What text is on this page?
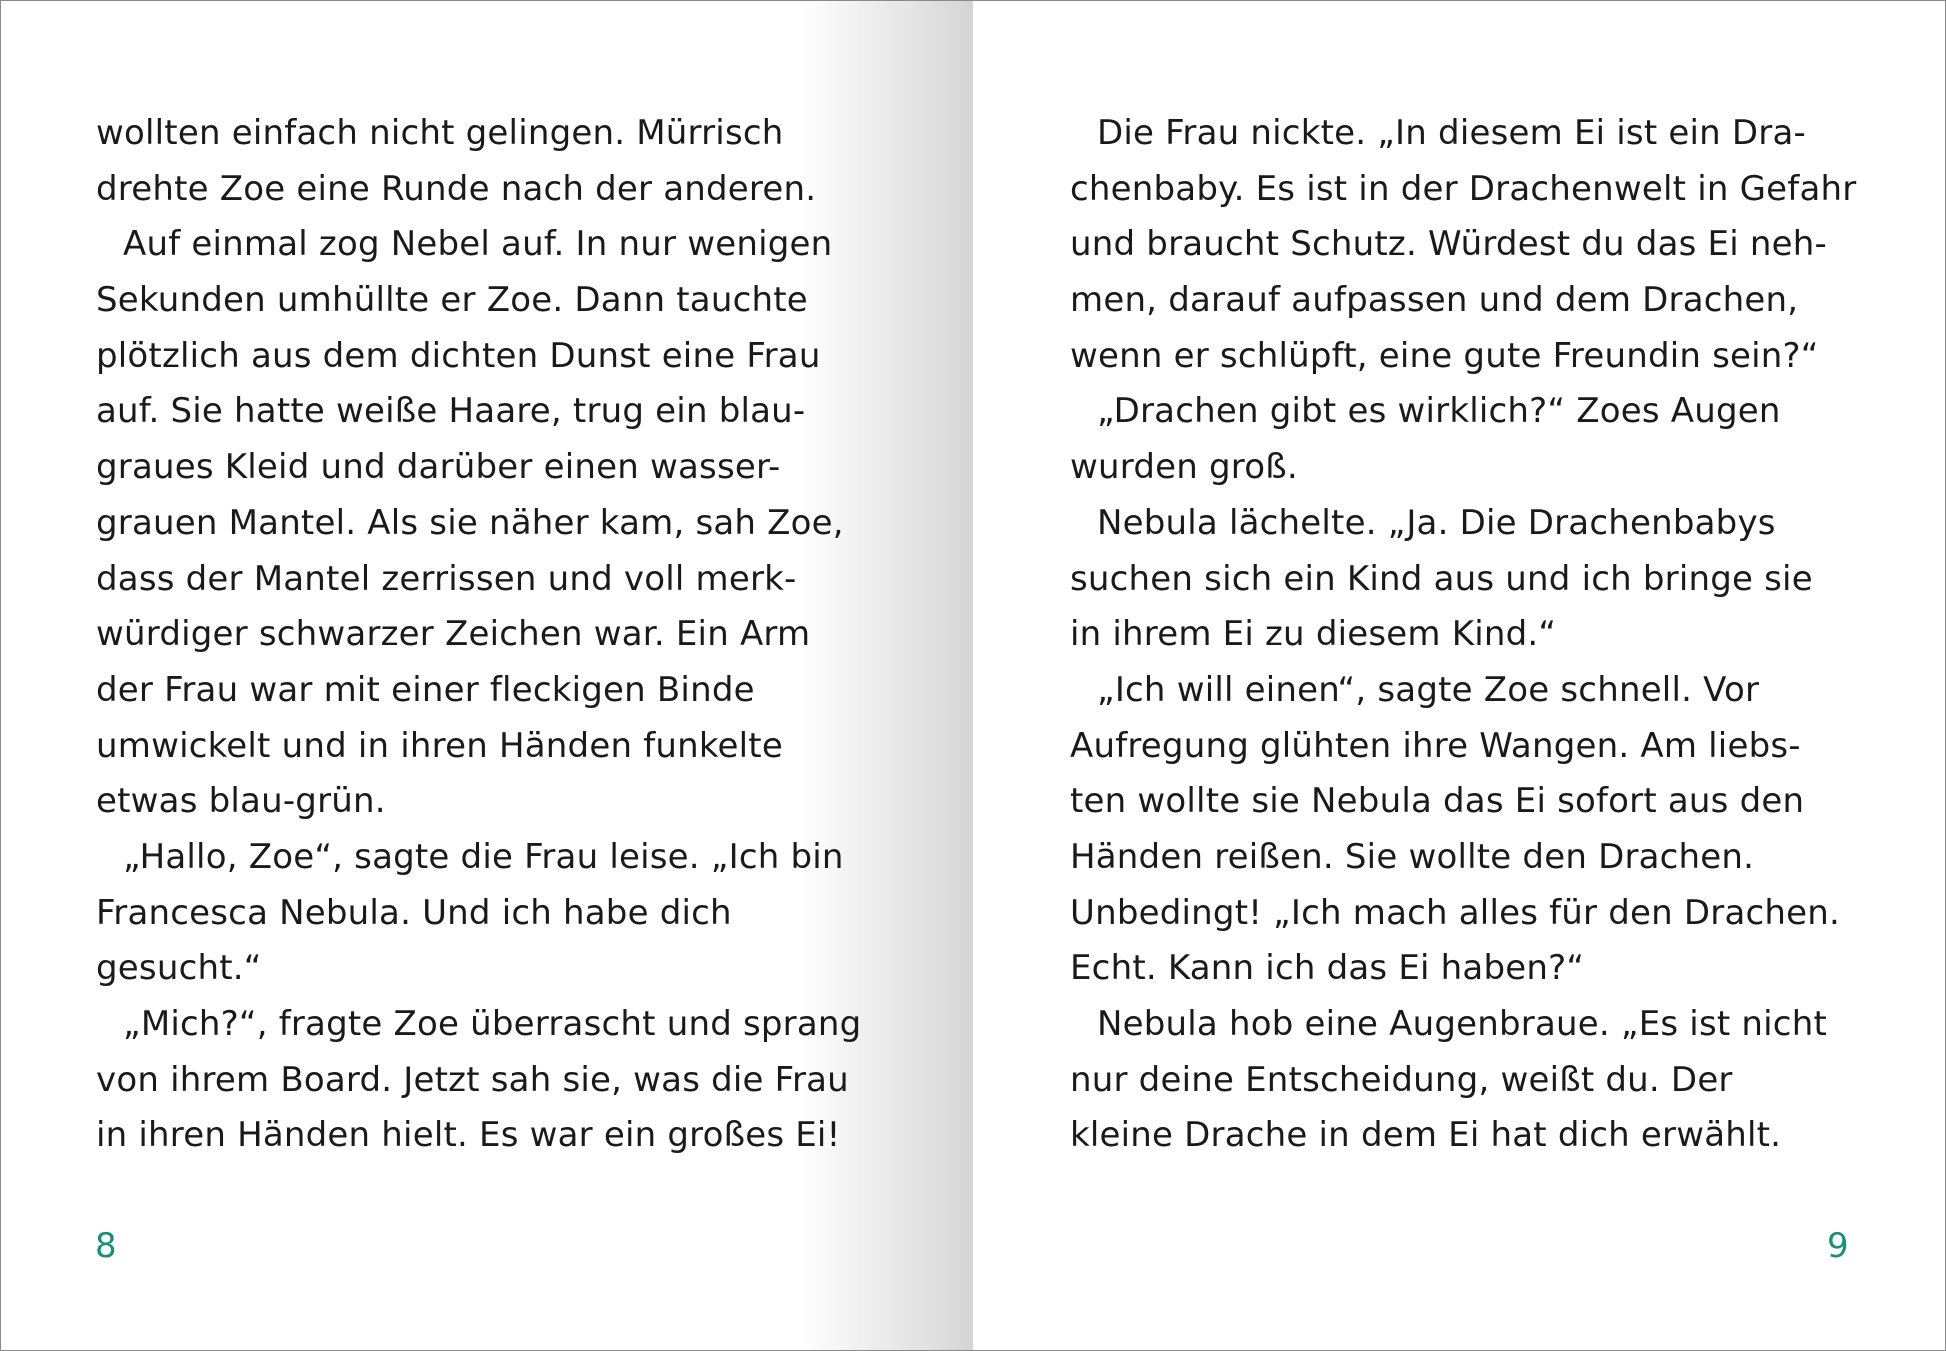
wollten einfach nicht gelingen. Mürrisch
drehte Zoe eine Runde nach der anderen.
Auf einmal zog Nebel auf. In nur wenigen
Sekunden umhüllte er Zoe. Dann tauchte
plötzlich aus dem dichten Dunst eine Frau
auf. Sie hatte weiße Haare, trug ein blau-
graues Kleid und darüber einen wasser-
grauen Mantel. Als sie näher kam, sah Zoe,
dass der Mantel zerrissen und voll merk-
würdiger schwarzer Zeichen war. Ein Arm
der Frau war mit einer fleckigen Binde
umwickelt und in ihren Händen funkelte
etwas blau-grün.
„Hallo, Zoe“, sagte die Frau leise. „Ich bin
Francesca Nebula. Und ich habe dich
gesucht.“
„Mich?“, fragte Zoe überrascht und sprang
von ihrem Board. Jetzt sah sie, was die Frau
in ihren Händen hielt. Es war ein großes Ei!
8
Die Frau nickte. „In diesem Ei ist ein Dra-
chenbaby. Es ist in der Drachenwelt in Gefahr
und braucht Schutz. Würdest du das Ei neh-
men, darauf aufpassen und dem Drachen,
wenn er schlüpft, eine gute Freundin sein?“
„Drachen gibt es wirklich?“ Zoes Augen
wurden groß.
Nebula lächelte. „Ja. Die Drachenbabys
suchen sich ein Kind aus und ich bringe sie
in ihrem Ei zu diesem Kind.“
„Ich will einen“, sagte Zoe schnell. Vor
Aufregung glühten ihre Wangen. Am liebs-
ten wollte sie Nebula das Ei sofort aus den
Händen reißen. Sie wollte den Drachen.
Unbedingt! „Ich mach alles für den Drachen.
Echt. Kann ich das Ei haben?“
Nebula hob eine Augenbraue. „Es ist nicht
nur deine Entscheidung, weißt du. Der
kleine Drache in dem Ei hat dich erwählt.
9
